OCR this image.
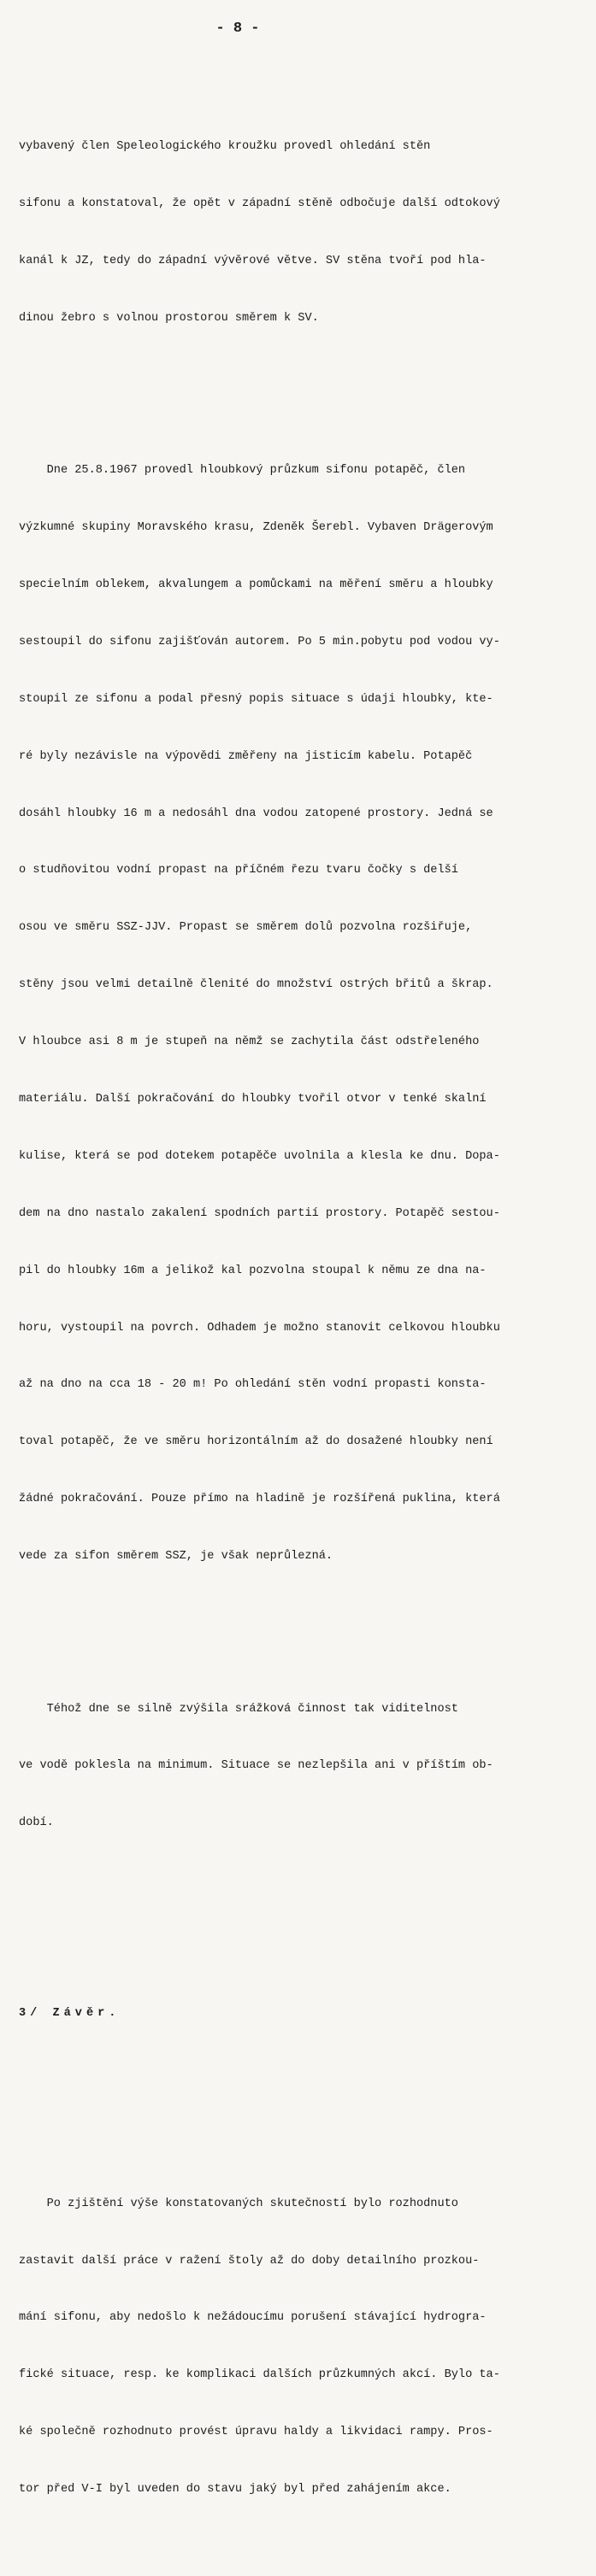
- 8 -

vybavený člen Speleologického kroužku provedl ohledání stěn

sifonu a konstatoval, že opět v západní stěně odbočuje další odtokový

kanál k JZ, tedy do západní vývěrové větve. SV stěna tvoří pod hla-

dinou žebro s volnou prostorou směrem k SV.

Dne 25.8.1967 provedl hloubkový průzkum sifonu potapěč, člen

výzkumné skupiny Moravského krasu, Zdeněk Šerebl. Vybaven Drägerovým

specielním oblekem, akvalungem a pomůckami na měření směru a hloubky

sestoupil do sifonu zajišťován autorem. Po 5 min.pobytu pod vodou vy-

stoupil ze sifonu a podal přesný popis situace s údaji hloubky, kte-

ré byly nezávisle na výpovědi změřeny na jisticím kabelu. Potapěč

dosáhl hloubky 16 m a nedosáhl dna vodou zatopené prostory. Jedná se

o studňovitou vodní propast na příčném řezu tvaru čočky s delší

osou ve směru SSZ-JJV. Propast se směrem dolů pozvolna rozšiřuje,

stěny jsou velmi detailně členité do množství ostrých břitů a škrap.

V hloubce asi 8 m je stupeň na němž se zachytila část odstřeleného

materiálu. Další pokračování do hloubky tvořil otvor v tenké skalní

kulise, která se pod dotekem potapěče uvolnila a klesla ke dnu. Dopa-

dem na dno nastalo zakalení spodních partií prostory. Potapěč sestou-

pil do hloubky 16m a jelikož kal pozvolna stoupal k němu ze dna na-

horu, vystoupil na povrch. Odhadem je možno stanovit celkovou hloubku

až na dno na cca 18 - 20 m! Po ohledání stěn vodní propasti konsta-

toval potapěč, že ve směru horizontálním až do dosažené hloubky není

žádné pokračování. Pouze přímo na hladině je rozšířená puklina, která

vede za sifon směrem SSZ, je však neprůlezná.

Téhož dne se silně zvýšila srážková činnost tak viditelnost

ve vodě poklesla na minimum. Situace se nezlepšila ani v příštím ob-

dobí.

3/ Závěr.

Po zjištění výše konstatovaných skutečností bylo rozhodnuto

zastavit další práce v ražení štoly až do doby detailního prozkou-

mání sifonu, aby nedošlo k nežádoucímu porušení stávající hydrogra-

fické situace, resp. ke komplikaci dalších průzkumných akcí. Bylo ta-

ké společně rozhodnuto provést úpravu haldy a likvidaci rampy. Pros-

tor před V-I byl uveden do stavu jaký byl před zahájením akce.
